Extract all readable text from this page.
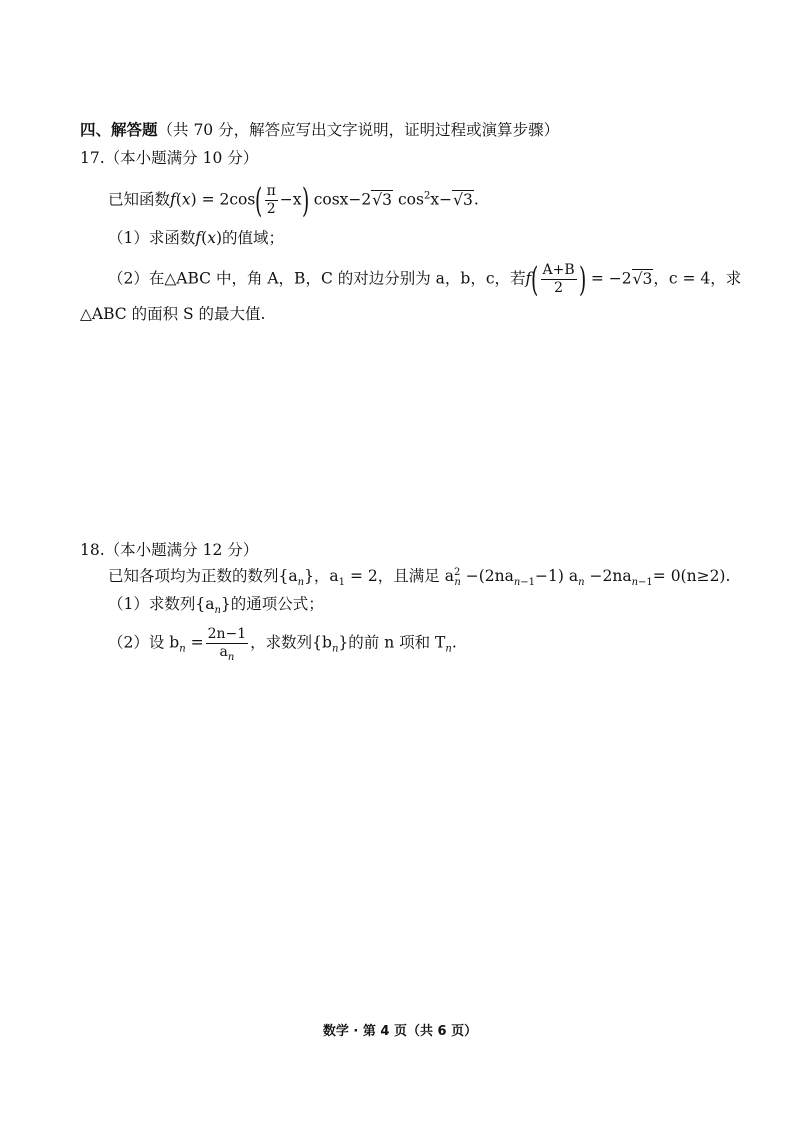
四、解答题（共 70 分，解答应写出文字说明，证明过程或演算步骤）
17.（本小题满分 10 分）
已知函数$f(x) = 2\cos( \frac{\pi}{2} -x)$ cosx−2√3 $\cos^2x-√3$.
（1）求函数f(x)的值域；
（2）在△ABC 中，角 A，B，C 的对边分别为 a，b，c，若$f( \frac{A+B}{2}$ ) = −2√3，c = 4，求
△ABC 的面积 S 的最大值.
18.（本小题满分 12 分）
已知各项均为正数的数列$\{a_n\}$，$a_1 = 2$，且满足 $a^2_n -(2na_{n-1}-1)$ $a_n -2na_{n-1}= 0(n\ge 2)$.
（1）求数列$\{a_n\}$的通项公式；
（2）设 $b_n = \frac{2n-1}{a_n}$ ，求数列$\{b_n\}$的前 n 项和 $T_n$.
数学 · 第 4 页（共 6 页）
